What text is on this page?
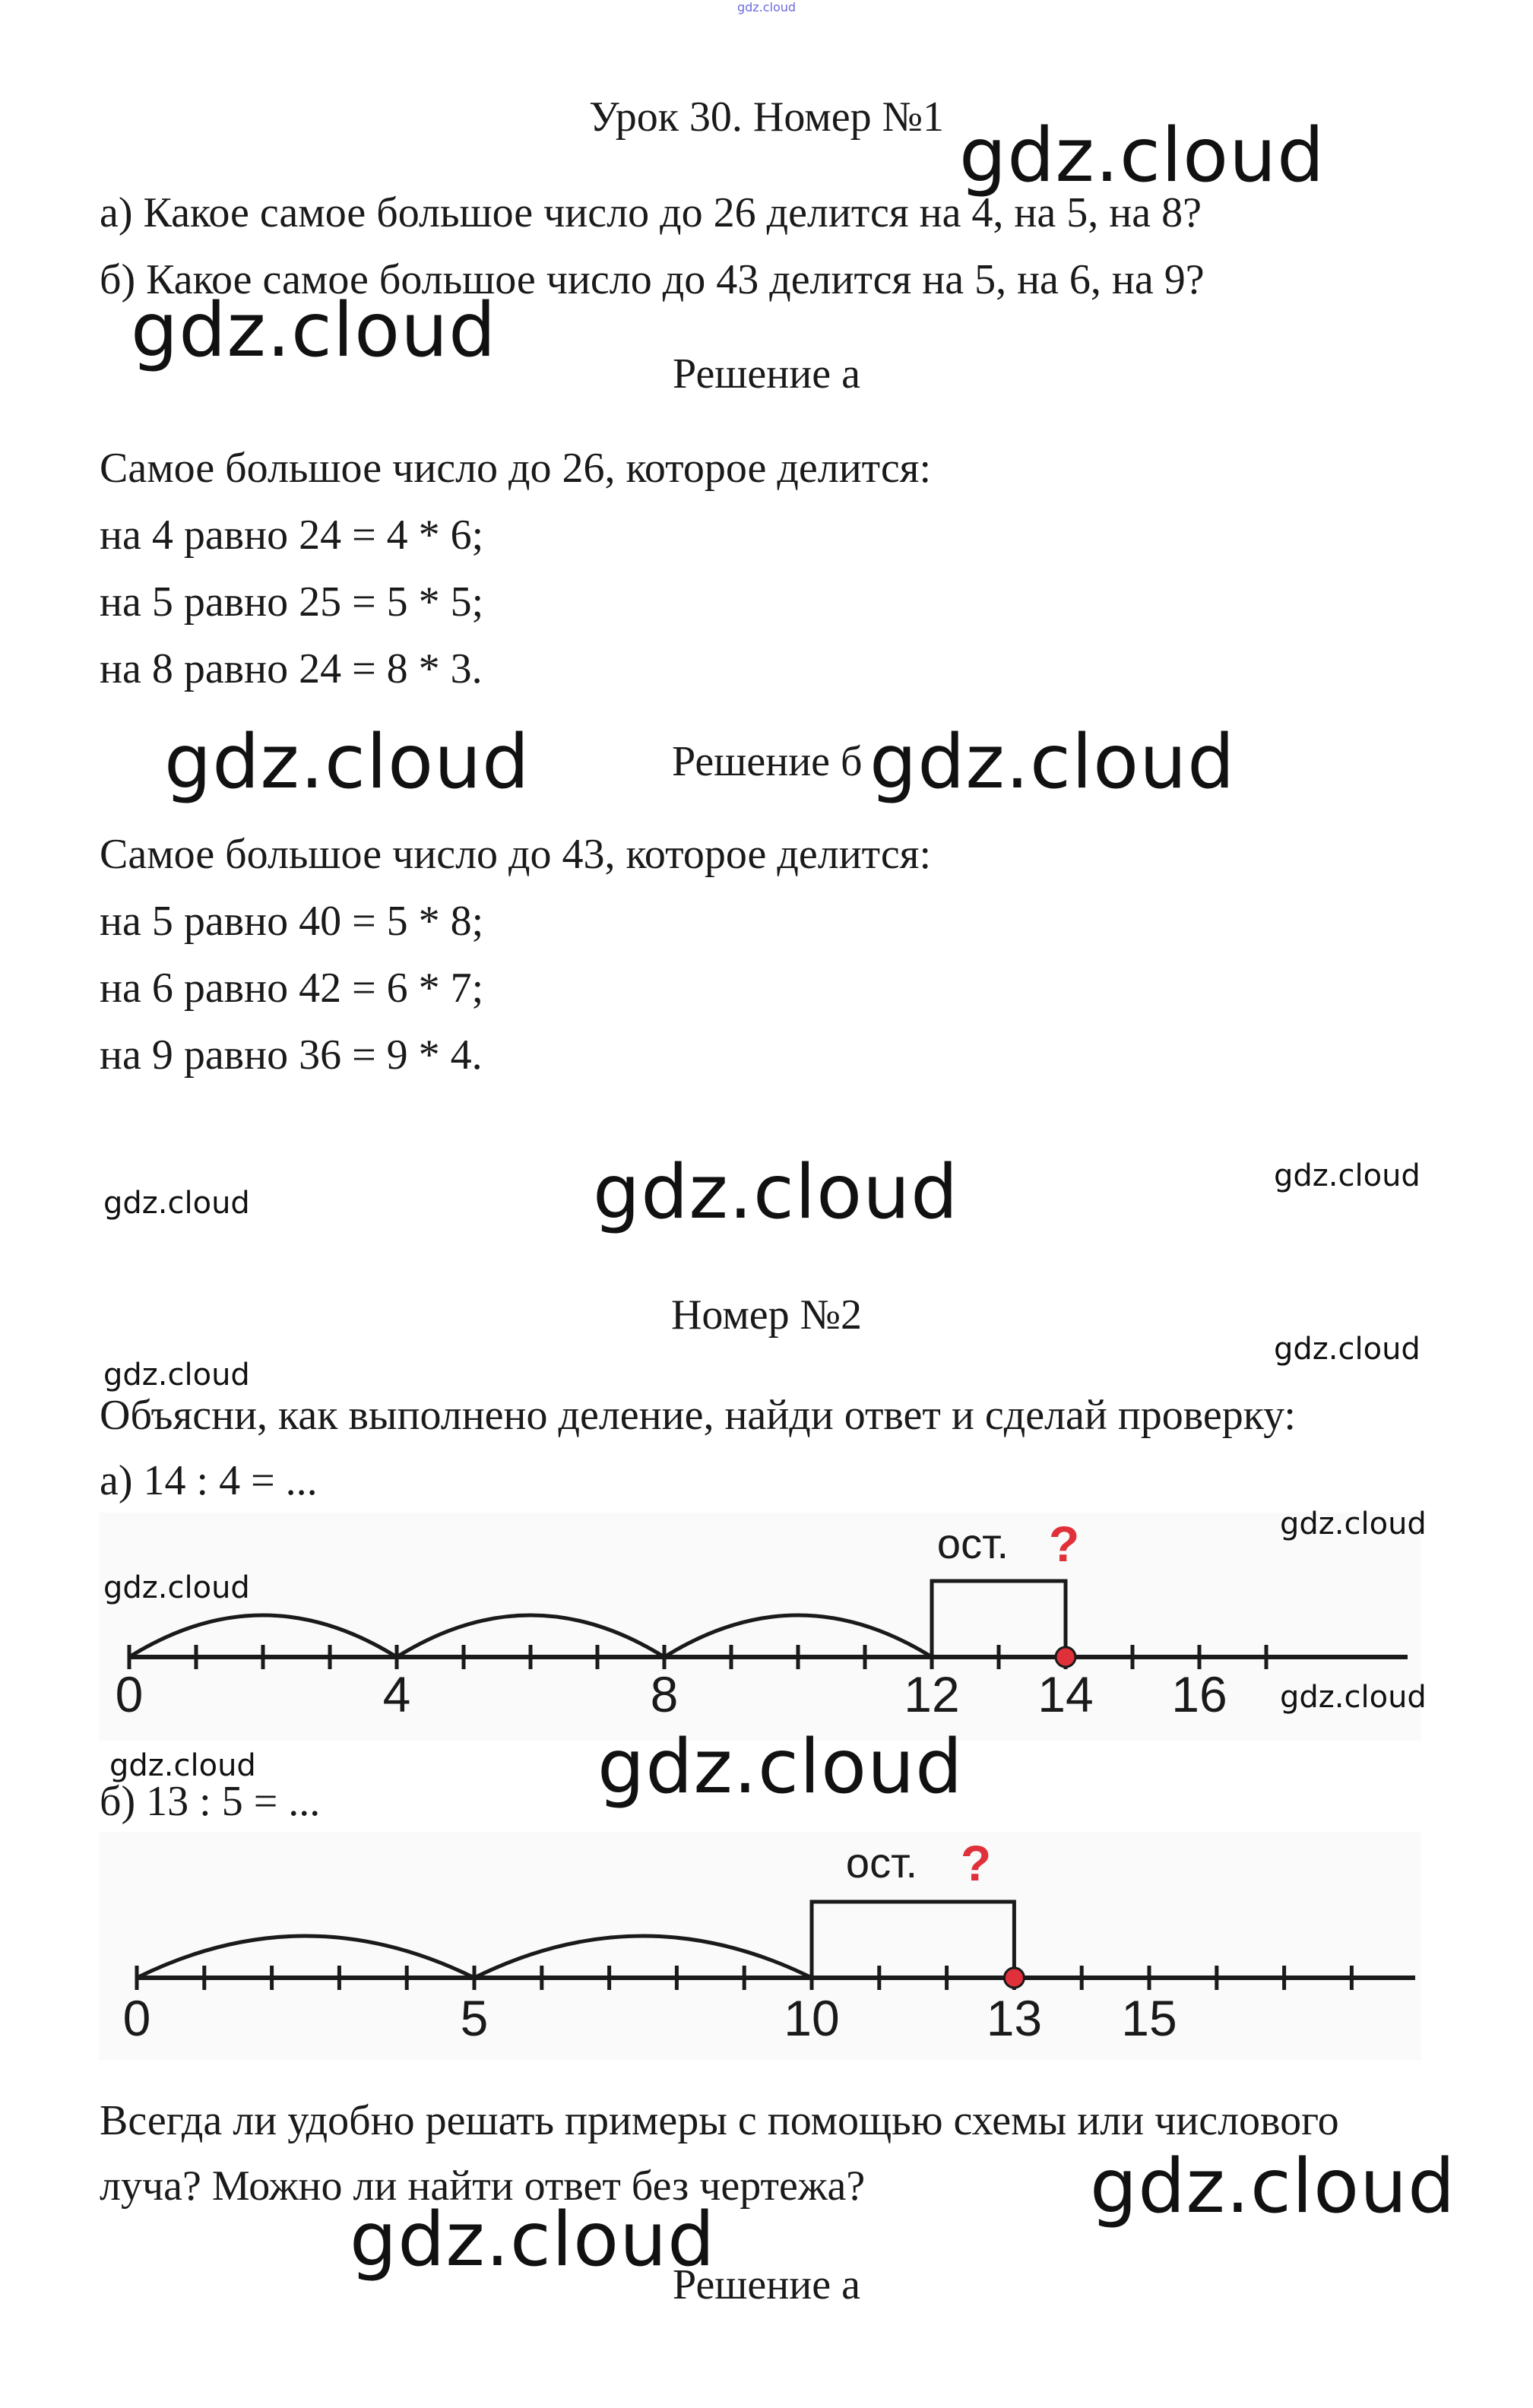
gdz.cloud
Урок 30. Номер №1
а) Какое самое большое число до 26 делится на 4, на 5, на 8?
б) Какое самое большое число до 43 делится на 5, на 6, на 9?
Решение а
Самое большое число до 26, которое делится:
на 4 равно 24 = 4 * 6;
на 5 равно 25 = 5 * 5;
на 8 равно 24 = 8 * 3.
Решение б
Самое большое число до 43, которое делится:
на 5 равно 40 = 5 * 8;
на 6 равно 42 = 6 * 7;
на 9 равно 36 = 9 * 4.
Номер №2
Объясни, как выполнено деление, найди ответ и сделай проверку:
а) 14 : 4 = ...
ост. ?
0	4	8	12 14 16
б) 13 : 5 = ...
ост. ?
0	5	10	13 15
Всегда ли удобно решать примеры с помощью схемы или числового
луча? Можно ли найти ответ без чертежа?
Решение а
gdz.cloud
gdz.cloud
gdz.cloud	gdz.cloud
gdz.cloud
gdz.cloud
gdz.cloud
gdz.cloud
gdz.cloud
gdz.cloud
gdz.cloud
gdz.cloud
gdz.cloud
gdz.cloud
gdz.cloud
gdz.cloud
